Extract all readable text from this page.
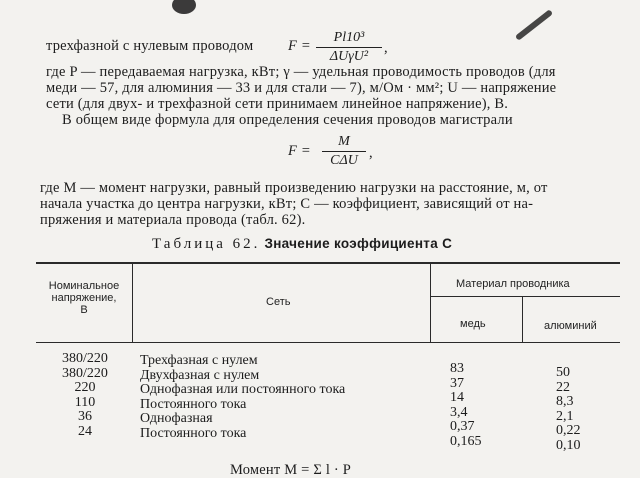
трехфазной с нулевым проводом F =
Pl10³
ΔUγU²
,
где P — передаваемая нагрузка, кВт; γ — удельная проводимость проводов (для
меди — 57, для алюминия — 33 и для стали — 7), м/Ом · мм²; U — напряжение
сети (для двух- и трехфазной сети принимаем линейное напряжение), В.
В общем виде формула для определения сечения проводов магистрали
F =
M
CΔU ,
где M — момент нагрузки, равный произведению нагрузки на расстояние, м, от
начала участка до центра нагрузки, кВт; C — коэффициент, зависящий от на-
пряжения и материала провода (табл. 62).
Таблица 62. Значение коэффициента C
Номинальное
напряжение,
В
Сеть
Материал проводника
медь	алюминий
380/220
380/220
220
110
36
24
Трехфазная с нулем
Двухфазная с нулем
Однофазная или постоянного тока
Постоянного тока
Однофазная
Постоянного тока
83
37
14
3,4
0,37
0,165
50
22
8,3
2,1
0,22
0,10
Момент M = Σ l · P
